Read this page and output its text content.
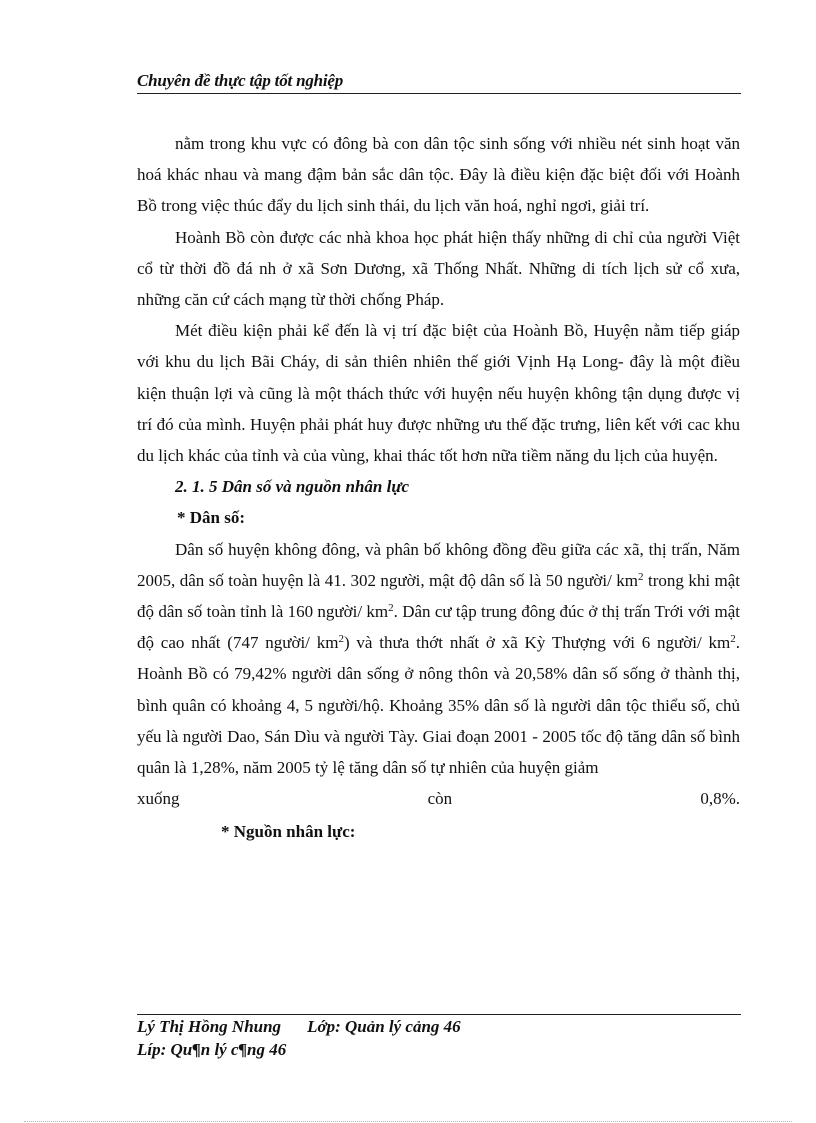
Chuyên đề thực tập tốt nghiệp

nằm trong khu vực có đông bà con dân tộc sinh sống với nhiều nét sinh hoạt văn hoá khác nhau và mang đậm bản sắc dân tộc. Đây là điều kiện đặc biệt đối với Hoành Bồ trong việc thúc đẩy du lịch sinh thái, du lịch văn hoá, nghỉ ngơi, giải trí.

Hoành Bồ còn được các nhà khoa học phát hiện thấy những di chỉ của người Việt cổ từ thời đồ đá nh ở xã Sơn Dương, xã Thống Nhất. Những di tích lịch sử cổ xưa, những căn cứ cách mạng từ thời chống Pháp.

Mét điều kiện phải kể đến là vị trí đặc biệt của Hoành Bồ, Huyện nằm tiếp giáp với khu du lịch Bãi Cháy, di sản thiên nhiên thế giới Vịnh Hạ Long- đây là một điều kiện thuận lợi và cũng là một thách thức với huyện nếu huyện không tận dụng được vị trí đó của mình. Huyện phải phát huy được những ưu thế đặc trưng, liên kết với cac khu du lịch khác của tỉnh và của vùng, khai thác tốt hơn nữa tiềm năng du lịch của huyện.

2. 1. 5 Dân số và nguồn nhân lực

* Dân số:

Dân số huyện không đông, và phân bố không đồng đều giữa các xã, thị trấn, Năm 2005, dân số toàn huyện là 41. 302 người, mật độ dân số là 50 người/ $km^2$ trong khi mật độ dân số toàn tỉnh là 160 người/ $km^2$. Dân cư tập trung đông đúc ở thị trấn Trới với mật độ cao nhất (747 người/ $km^2$) và thưa thớt nhất ở xã Kỳ Thượng với 6 người/ $km^2$. Hoành Bồ có 79,42% người dân sống ở nông thôn và 20,58% dân số sống ở thành thị, bình quân có khoảng 4, 5 người/hộ. Khoảng 35% dân số là người dân tộc thiểu số, chủ yếu là người Dao, Sán Dìu và người Tày. Giai đoạn 2001 - 2005 tốc độ tăng dân số bình quân là 1,28%, năm 2005 tỷ lệ tăng dân số tự nhiên của huyện giảm

xuống	còn	0,8%.

* Nguồn nhân lực:

Lý Thị Hồng Nhung Lớp: Quản lý cảng 46
Líp: Qu¶n lý c¶ng 46
